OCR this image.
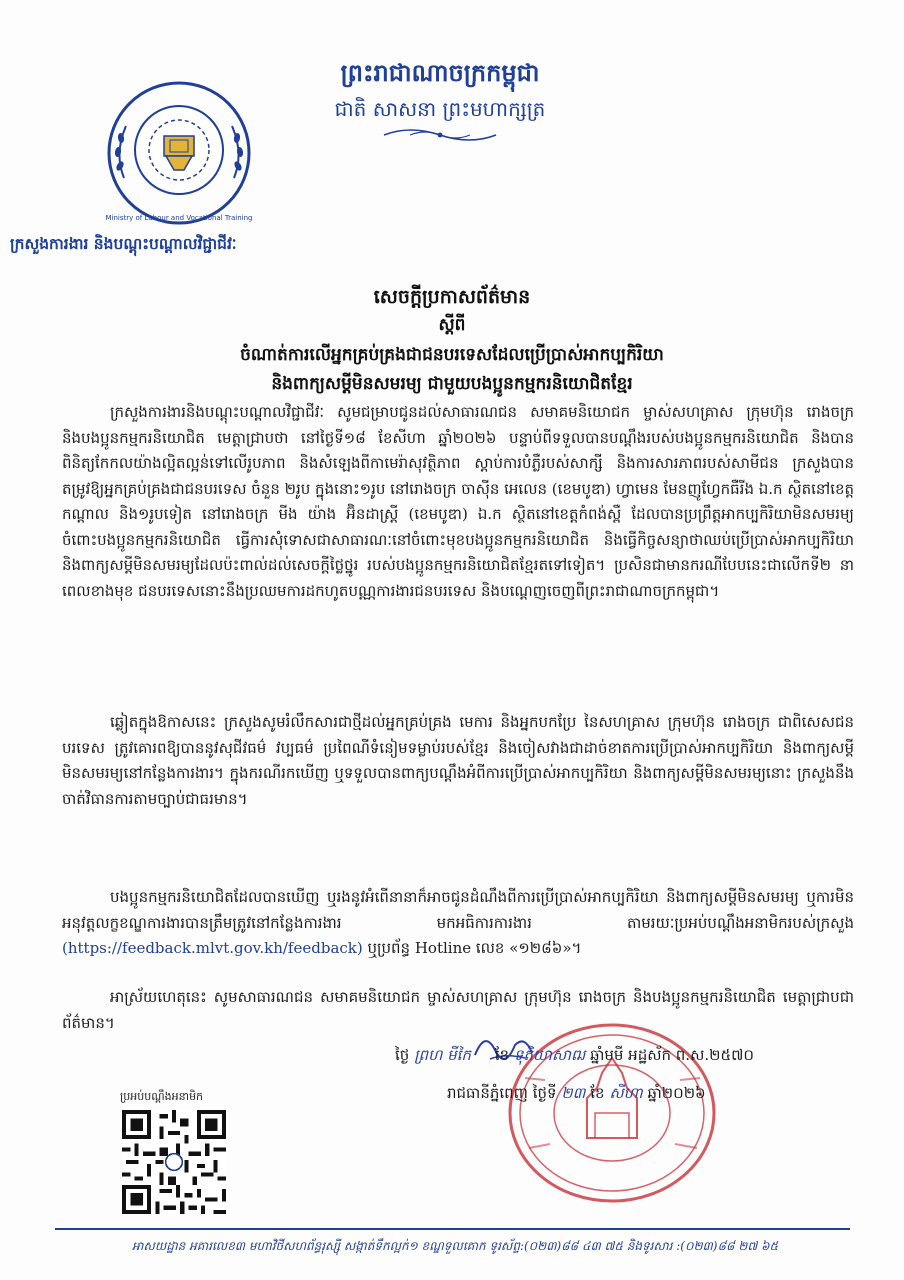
ព្រះរាជាណាចក្រកម្ពុជា
ជាតិ សាសនា ព្រះមហាក្សត្រ
Ministry of Labour and Vocational Training
ក្រសួងការងារ និងបណ្តុះបណ្តាលវិជ្ជាជីវៈ
សេចក្តីប្រកាសព័ត៌មាន
ស្តីពី
ចំណាត់ការលើអ្នកគ្រប់គ្រងជាជនបរទេសដែលប្រើប្រាស់អាកប្បកិរិយា
និងពាក្យសម្តីមិនសមរម្យ ជាមួយបងប្អូនកម្មករនិយោជិតខ្មែរ

ក្រសួងការងារនិងបណ្តុះបណ្តាលវិជ្ជាជីវៈ សូមជម្រាបជូនដល់សាធារណជន សមាគមនិយោជក ម្ចាស់សហគ្រាស ក្រុមហ៊ុន រោងចក្រ និងបងប្អូនកម្មករនិយោជិត មេត្តាជ្រាបថា នៅថ្ងៃទី១៨ ខែសីហា ឆ្នាំ២០២៦ បន្ទាប់ពីទទួលបានបណ្តឹងរបស់បងប្អូនកម្មករនិយោជិត និងបានពិនិត្យកែកលយ៉ាងល្អិតល្អន់ទៅលើរូបភាព និងសំឡេងពីកាមេរ៉ាសុវត្ថិភាព ស្តាប់ការបំភ្លឺរបស់សាក្សី និងការសារភាពរបស់សាមីជន ក្រសួងបានតម្រូវឱ្យអ្នកគ្រប់គ្រងជាជនបរទេស ចំនួន ២រូប ក្នុងនោះ១រូប នៅរោងចក្រ ចាស៊ីន អេលេន (ខេមបូឌា) ហ្វាមេន មែនញូហ្វែកធឺរីង ឯ.ក ស្ថិតនៅខេត្តកណ្តាល និង១រូបទៀត នៅរោងចក្រ មីង យ៉ាង អ៊ិនដាស្ត្រី (ខេមបូឌា) ឯ.ក ស្ថិតនៅខេត្តកំពង់ស្ពឺ ដែលបានប្រព្រឹត្តអាកប្បកិរិយាមិនសមរម្យចំពោះបងប្អូនកម្មករនិយោជិត ធ្វើការសុំទោសជាសាធារណៈនៅចំពោះមុខបងប្អូនកម្មករនិយោជិត និងធ្វើកិច្ចសន្យាថាឈប់ប្រើប្រាស់អាកប្បកិរិយា និងពាក្យសម្តីមិនសមរម្យដែលប៉ះពាល់ដល់សេចក្តីថ្លៃថ្នូរ របស់បងប្អូនកម្មករនិយោជិតខ្មែរតទៅទៀត។ ប្រសិនជាមានករណីបែបនេះជាលើកទី២ នាពេលខាងមុខ ជនបរទេសនោះនឹងប្រឈមការដកហូតបណ្ណការងារជនបរទេស និងបណ្តេញចេញពីព្រះរាជាណាចក្រកម្ពុជា។

ឆ្លៀតក្នុងឱកាសនេះ ក្រសួងសូមរំលឹកសារជាថ្មីដល់អ្នកគ្រប់គ្រង មេការ និងអ្នកបកប្រែ នៃសហគ្រាស ក្រុមហ៊ុន រោងចក្រ ជាពិសេសជនបរទេស ត្រូវគោរពឱ្យបាននូវសុជីវធម៌ វប្បធម៌ ប្រពៃណីទំនៀមទម្លាប់របស់ខ្មែរ និងចៀសវាងជាដាច់ខាតការប្រើប្រាស់អាកប្បកិរិយា និងពាក្យសម្តីមិនសមរម្យនៅកន្លែងការងារ។ ក្នុងករណីរកឃើញ ឬទទួលបានពាក្យបណ្តឹងអំពីការប្រើប្រាស់អាកប្បកិរិយា និងពាក្យសម្តីមិនសមរម្យនោះ ក្រសួងនឹងចាត់វិធានការតាមច្បាប់ជាធរមាន។

បងប្អូនកម្មករនិយោជិតដែលបានឃើញ ឬរងនូវអំពើនានាក៏អាចជូនដំណឹងពីការប្រើប្រាស់អាកប្បកិរិយា និងពាក្យសម្តីមិនសមរម្យ ឬការមិនអនុវត្តលក្ខខណ្ឌការងារបានត្រឹមត្រូវនៅកន្លែងការងារ មកអធិការការងារ តាមរយៈប្រអប់បណ្តឹងអនាមិករបស់ក្រសួង (https://feedback.mlvt.gov.kh/feedback) ឬប្រព័ន្ធ Hotline លេខ «១២៨៦»។

អាស្រ័យហេតុនេះ សូមសាធារណជន សមាគមនិយោជក ម្ចាស់សហគ្រាស ក្រុមហ៊ុន រោងចក្រ និងបងប្អូនកម្មករនិយោជិត មេត្តាជ្រាបជាព័ត៌មាន។

ថ្ងៃ ព្រហ មីកៃ ខែ ទុតិយាសាឍ ឆ្នាំមមី អដ្ឋស័ក ព.ស.២៥៧០
រាជធានីភ្នំពេញ ថ្ងៃទី ២៣ ខែ សីហា ឆ្នាំ២០២៦
ប្រអប់បណ្តឹងអនាមិក
អាសយដ្ឋាន អគារលេខ៣ មហាវិថីសហព័ន្ធរុស្ស៊ី សង្កាត់ទឹកល្អក់១ ខណ្ឌទួលគោក ទូរស័ព្ទ:(០២៣)៨៨ ៤៣ ៧៥ និងទូរសារ :(០២៣)៨៨ ២៧ ៦៥
